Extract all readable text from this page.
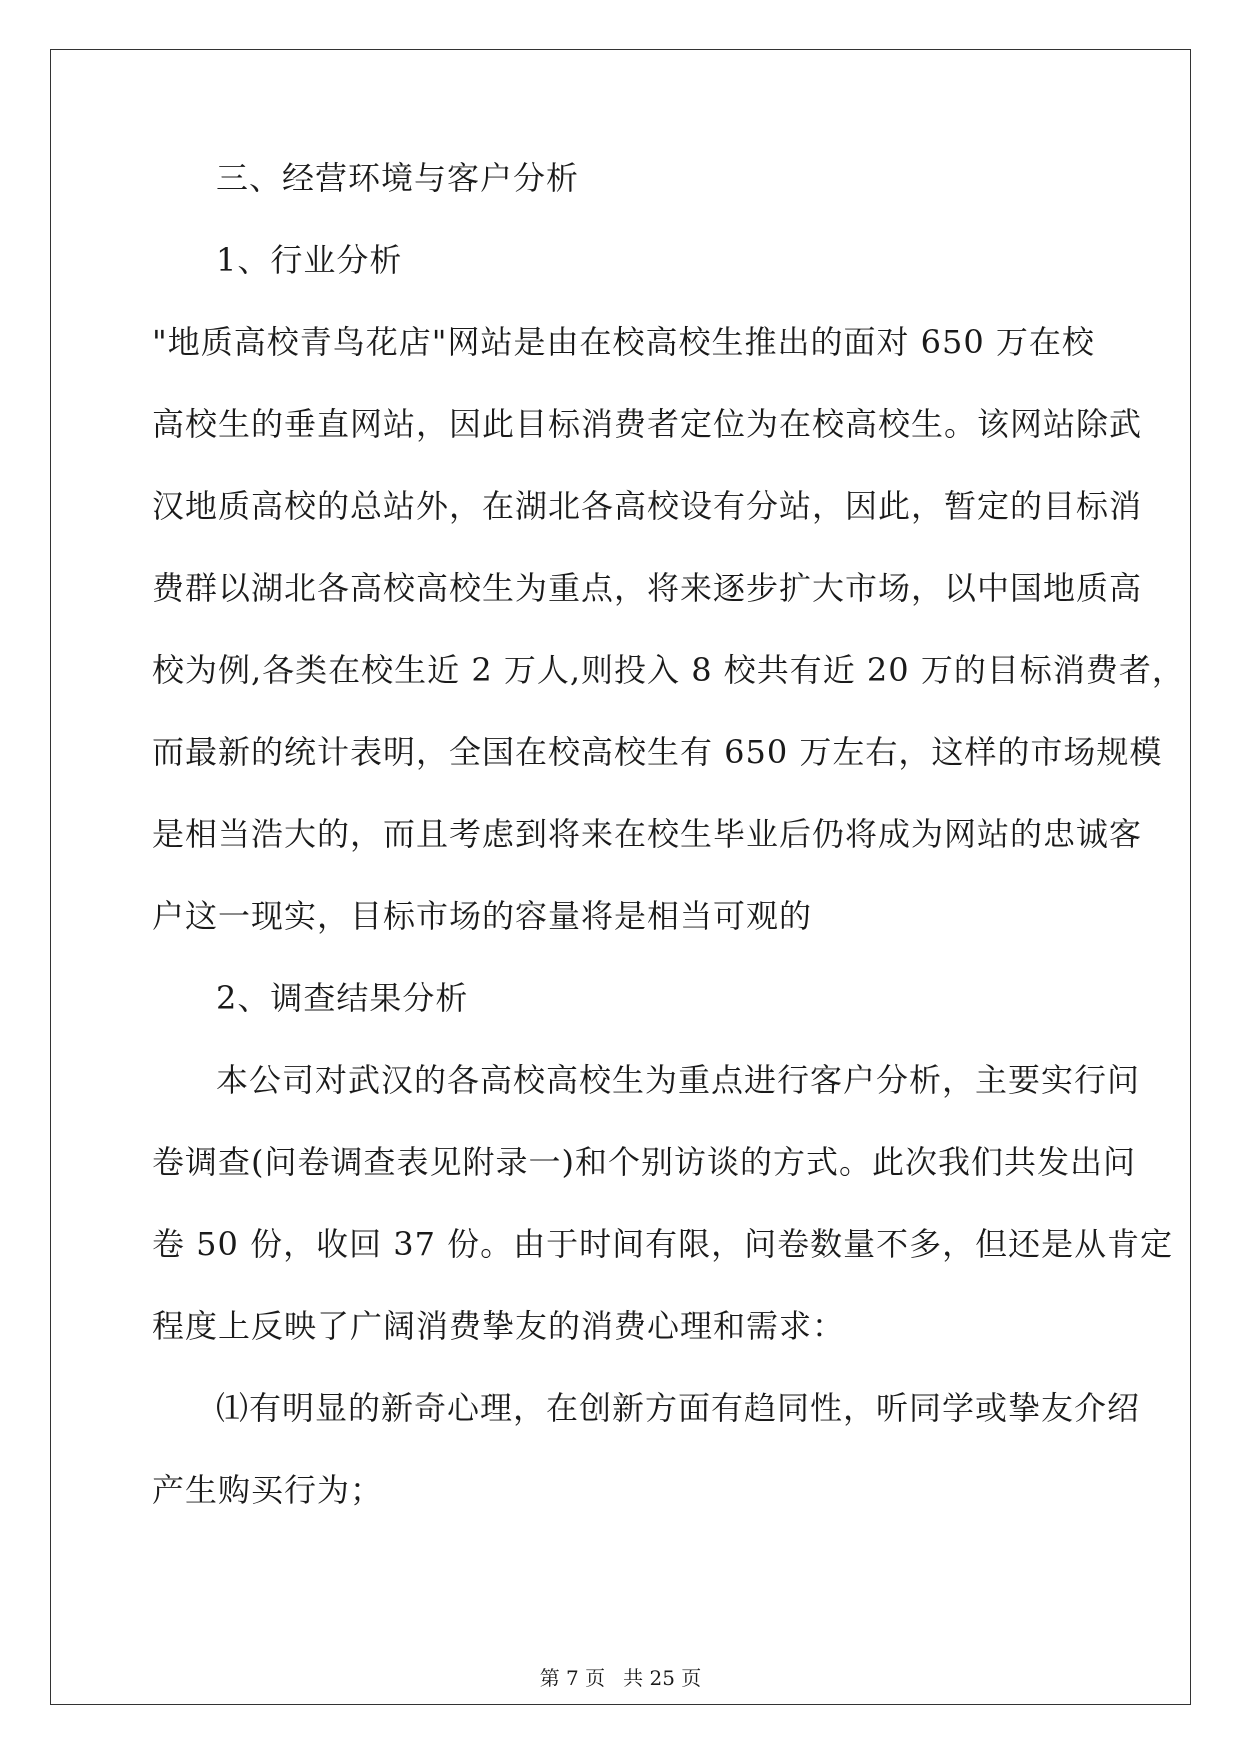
三、经营环境与客户分析

1、行业分析

"地质高校青鸟花店"网站是由在校高校生推出的面对 650 万在校

高校生的垂直网站，因此目标消费者定位为在校高校生。该网站除武

汉地质高校的总站外，在湖北各高校设有分站，因此，暂定的目标消

费群以湖北各高校高校生为重点，将来逐步扩大市场，以中国地质高

校为例,各类在校生近 2 万人,则投入 8 校共有近 20 万的目标消费者，

而最新的统计表明，全国在校高校生有 650 万左右，这样的市场规模

是相当浩大的，而且考虑到将来在校生毕业后仍将成为网站的忠诚客

户这一现实，目标市场的容量将是相当可观的

2、调查结果分析

本公司对武汉的各高校高校生为重点进行客户分析，主要实行问

卷调查(问卷调查表见附录一)和个别访谈的方式。此次我们共发出问

卷 50 份，收回 37 份。由于时间有限，问卷数量不多，但还是从肯定

程度上反映了广阔消费挚友的消费心理和需求：

⑴有明显的新奇心理，在创新方面有趋同性，听同学或挚友介绍

产生购买行为；

第 7 页 共 25 页
